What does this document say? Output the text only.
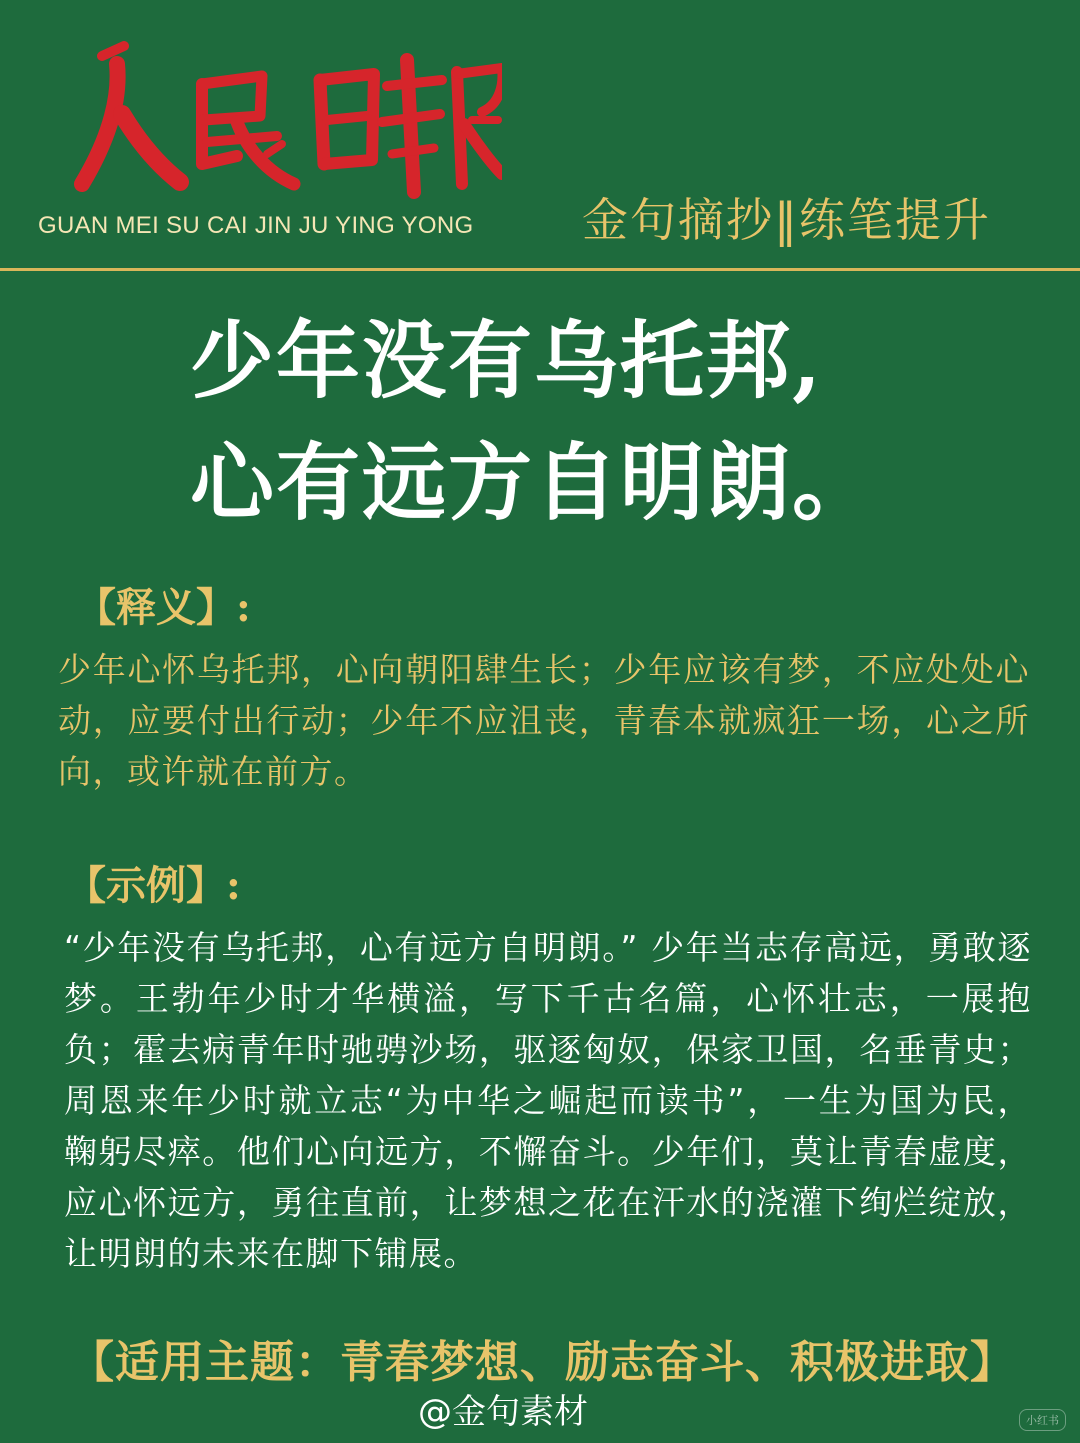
GUAN MEI SU CAI JIN JU YING YONG 金句摘抄‖练笔提升
少年没有乌托邦,
心有远方自明朗。
【释义】:
少年心怀乌托邦，心向朝阳肆生长；少年应该有梦，不应处处心动，应要付出行动；少年不应沮丧，青春本就疯狂一场，心之所向，或许就在前方。
【示例】:
“少年没有乌托邦，心有远方自明朗。” 少年当志存高远，勇敢逐梦。王勃年少时才华横溢，写下千古名篇，心怀壮志，一展抱负；霍去病青年时驰骋沙场，驱逐匈奴，保家卫国，名垂青史；周恩来年少时就立志“为中华之崛起而读书”，一生为国为民，鞠躬尽瘁。他们心向远方，不懈奋斗。少年们，莫让青春虚度，应心怀远方，勇往直前，让梦想之花在汗水的浇灌下绚烂绽放，让明朗的未来在脚下铺展。
【适用主题：青春梦想、励志奋斗、积极进取】
@金句素材	小红书
